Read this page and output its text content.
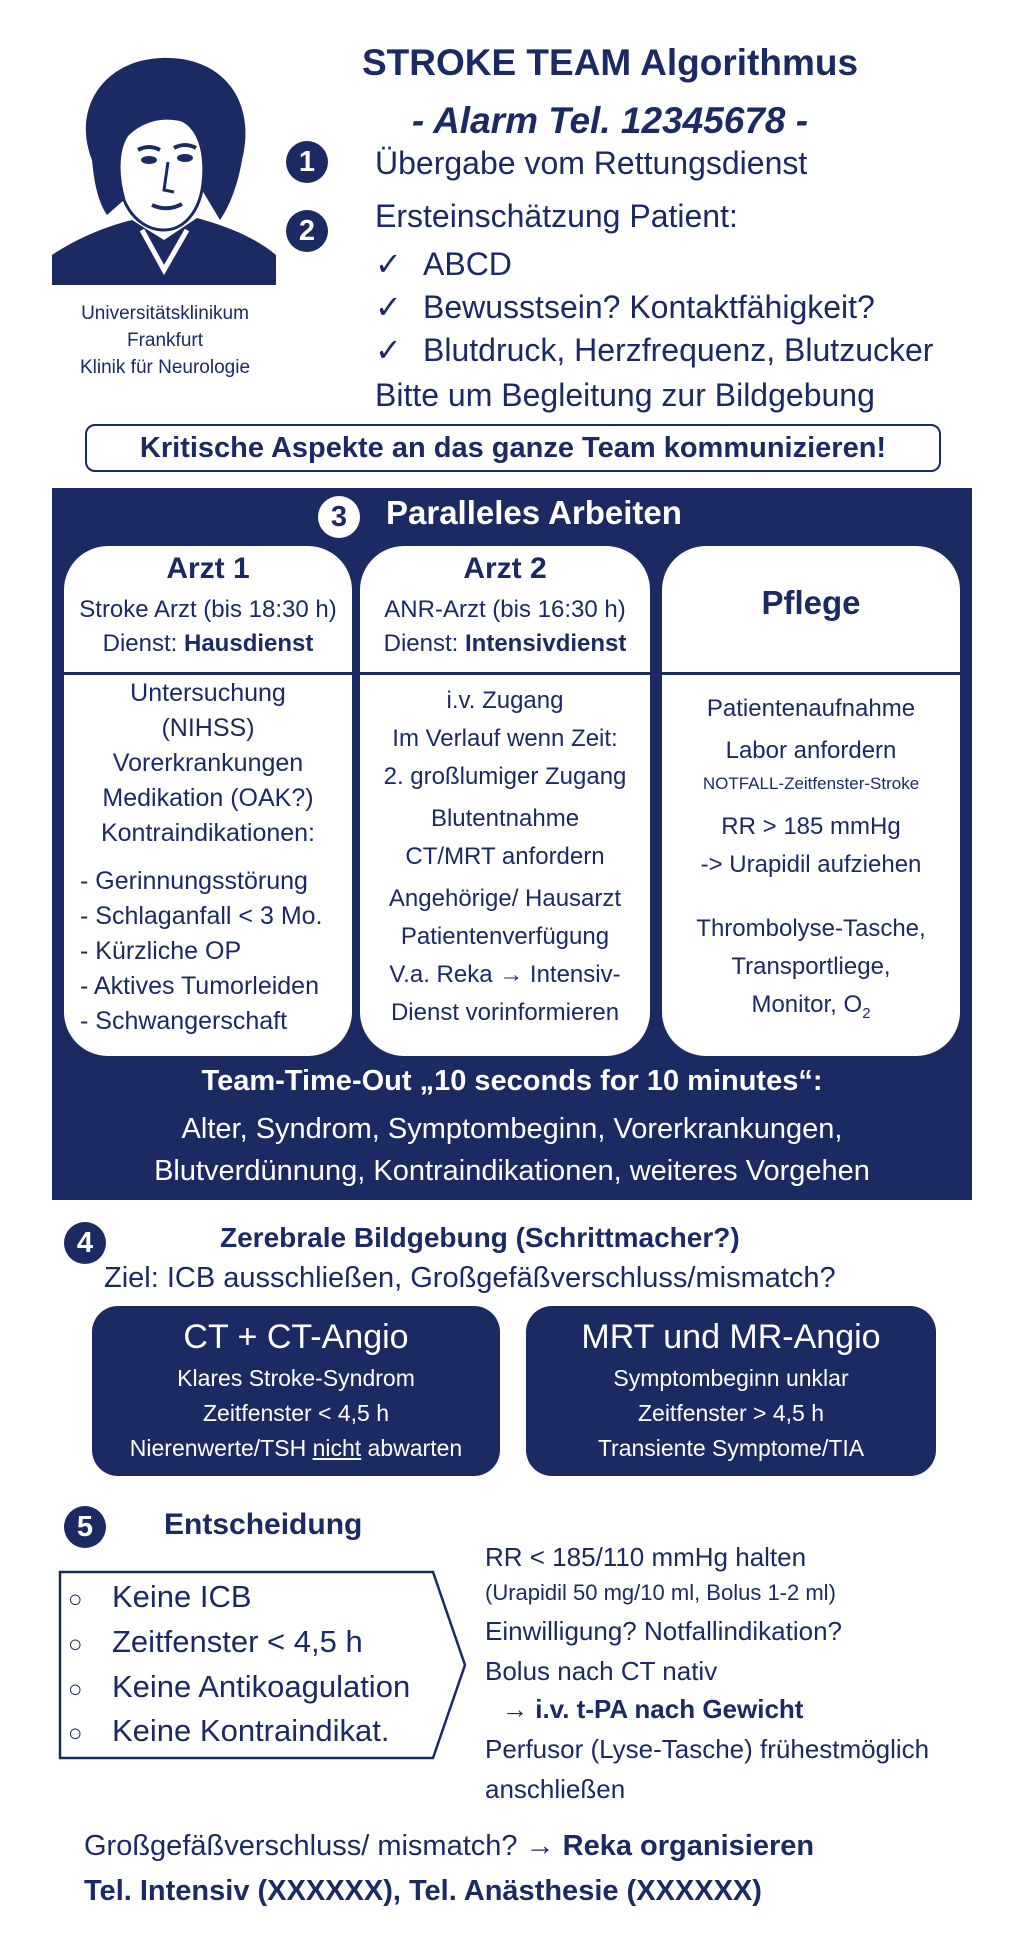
Universitätsklinikum
Frankfurt
Klinik für Neurologie
STROKE TEAM Algorithmus
- Alarm Tel. 12345678 -
1	Übergabe vom Rettungsdienst
2	Ersteinschätzung Patient:
✓ ABCD
✓ Bewusstsein? Kontaktfähigkeit?
✓ Blutdruck, Herzfrequenz, Blutzucker
Bitte um Begleitung zur Bildgebung
Kritische Aspekte an das ganze Team kommunizieren!
3	Paralleles Arbeiten
Arzt 1
Stroke Arzt (bis 18:30 h)
Dienst: Hausdienst
Untersuchung
(NIHSS)
Vorerkrankungen
Medikation (OAK?)
Kontraindikationen:
- Gerinnungsstörung
- Schlaganfall < 3 Mo.
- Kürzliche OP
- Aktives Tumorleiden
- Schwangerschaft
Arzt 2
ANR-Arzt (bis 16:30 h)
Dienst: Intensivdienst
i.v. Zugang
Im Verlauf wenn Zeit:
2. großlumiger Zugang
Blutentnahme
CT/MRT anfordern
Angehörige/ Hausarzt
Patientenverfügung
V.a. Reka → Intensiv-
Dienst vorinformieren
Pflege
Patientenaufnahme
Labor anfordern
NOTFALL-Zeitfenster-Stroke
RR > 185 mmHg
-> Urapidil aufziehen
Thrombolyse-Tasche,
Transportliege,
Monitor, $O_2$
Team-Time-Out „10 seconds for 10 minutes“:
Alter, Syndrom, Symptombeginn, Vorerkrankungen,
Blutverdünnung, Kontraindikationen, weiteres Vorgehen
4	Zerebrale Bildgebung (Schrittmacher?)
Ziel: ICB ausschließen, Großgefäßverschluss/mismatch?
CT + CT-Angio
Klares Stroke-Syndrom
Zeitfenster < 4,5 h
Nierenwerte/TSH nicht abwarten
MRT und MR-Angio
Symptombeginn unklar
Zeitfenster > 4,5 h
Transiente Symptome/TIA
5	Entscheidung
○ Keine ICB
○ Zeitfenster < 4,5 h
○ Keine Antikoagulation
○ Keine Kontraindikat.
RR < 185/110 mmHg halten
(Urapidil 50 mg/10 ml, Bolus 1-2 ml)
Einwilligung? Notfallindikation?
Bolus nach CT nativ
→ i.v. t-PA nach Gewicht
Perfusor (Lyse-Tasche) frühestmöglich
anschließen
Großgefäßverschluss/ mismatch? → Reka organisieren
Tel. Intensiv (XXXXXX), Tel. Anästhesie (XXXXXX)
